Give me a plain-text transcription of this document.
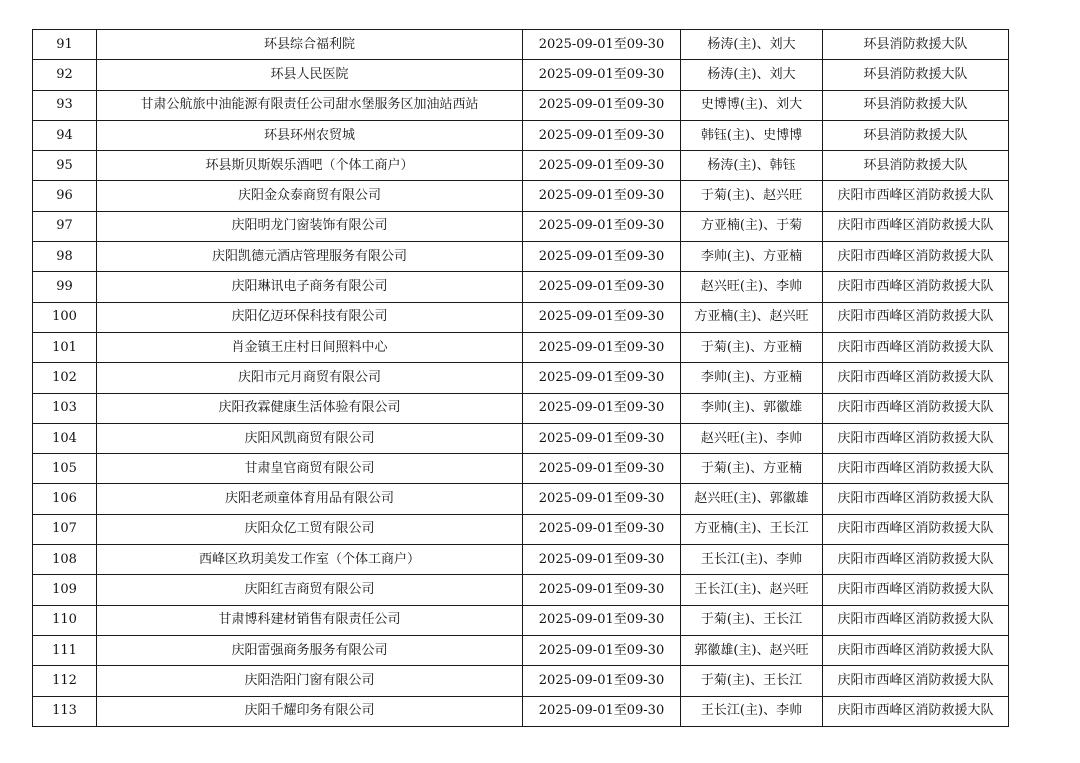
91	环县综合福利院	2025-09-01至09-30	杨涛(主)、刘大	环县消防救援大队
92	环县人民医院	2025-09-01至09-30	杨涛(主)、刘大	环县消防救援大队
93	甘肃公航旅中油能源有限责任公司甜水堡服务区加油站西站	2025-09-01至09-30	史博博(主)、刘大	环县消防救援大队
94	环县环州农贸城	2025-09-01至09-30	韩钰(主)、史博博	环县消防救援大队
95	环县斯贝斯娱乐酒吧（个体工商户）	2025-09-01至09-30	杨涛(主)、韩钰	环县消防救援大队
96	庆阳金众泰商贸有限公司	2025-09-01至09-30	于菊(主)、赵兴旺	庆阳市西峰区消防救援大队
97	庆阳明龙门窗装饰有限公司	2025-09-01至09-30	方亚楠(主)、于菊	庆阳市西峰区消防救援大队
98	庆阳凯德元酒店管理服务有限公司	2025-09-01至09-30	李帅(主)、方亚楠	庆阳市西峰区消防救援大队
99	庆阳琳讯电子商务有限公司	2025-09-01至09-30	赵兴旺(主)、李帅	庆阳市西峰区消防救援大队
100	庆阳亿迈环保科技有限公司	2025-09-01至09-30	方亚楠(主)、赵兴旺	庆阳市西峰区消防救援大队
101	肖金镇王庄村日间照料中心	2025-09-01至09-30	于菊(主)、方亚楠	庆阳市西峰区消防救援大队
102	庆阳市元月商贸有限公司	2025-09-01至09-30	李帅(主)、方亚楠	庆阳市西峰区消防救援大队
103	庆阳孜霖健康生活体验有限公司	2025-09-01至09-30	李帅(主)、郭徽雄	庆阳市西峰区消防救援大队
104	庆阳风凯商贸有限公司	2025-09-01至09-30	赵兴旺(主)、李帅	庆阳市西峰区消防救援大队
105	甘肃皇官商贸有限公司	2025-09-01至09-30	于菊(主)、方亚楠	庆阳市西峰区消防救援大队
106	庆阳老顽童体育用品有限公司	2025-09-01至09-30	赵兴旺(主)、郭徽雄	庆阳市西峰区消防救援大队
107	庆阳众亿工贸有限公司	2025-09-01至09-30	方亚楠(主)、王长江	庆阳市西峰区消防救援大队
108	西峰区玖玥美发工作室（个体工商户）	2025-09-01至09-30	王长江(主)、李帅	庆阳市西峰区消防救援大队
109	庆阳红吉商贸有限公司	2025-09-01至09-30	王长江(主)、赵兴旺	庆阳市西峰区消防救援大队
110	甘肃博科建材销售有限责任公司	2025-09-01至09-30	于菊(主)、王长江	庆阳市西峰区消防救援大队
111	庆阳雷强商务服务有限公司	2025-09-01至09-30	郭徽雄(主)、赵兴旺	庆阳市西峰区消防救援大队
112	庆阳浩阳门窗有限公司	2025-09-01至09-30	于菊(主)、王长江	庆阳市西峰区消防救援大队
113	庆阳千耀印务有限公司	2025-09-01至09-30	王长江(主)、李帅	庆阳市西峰区消防救援大队
